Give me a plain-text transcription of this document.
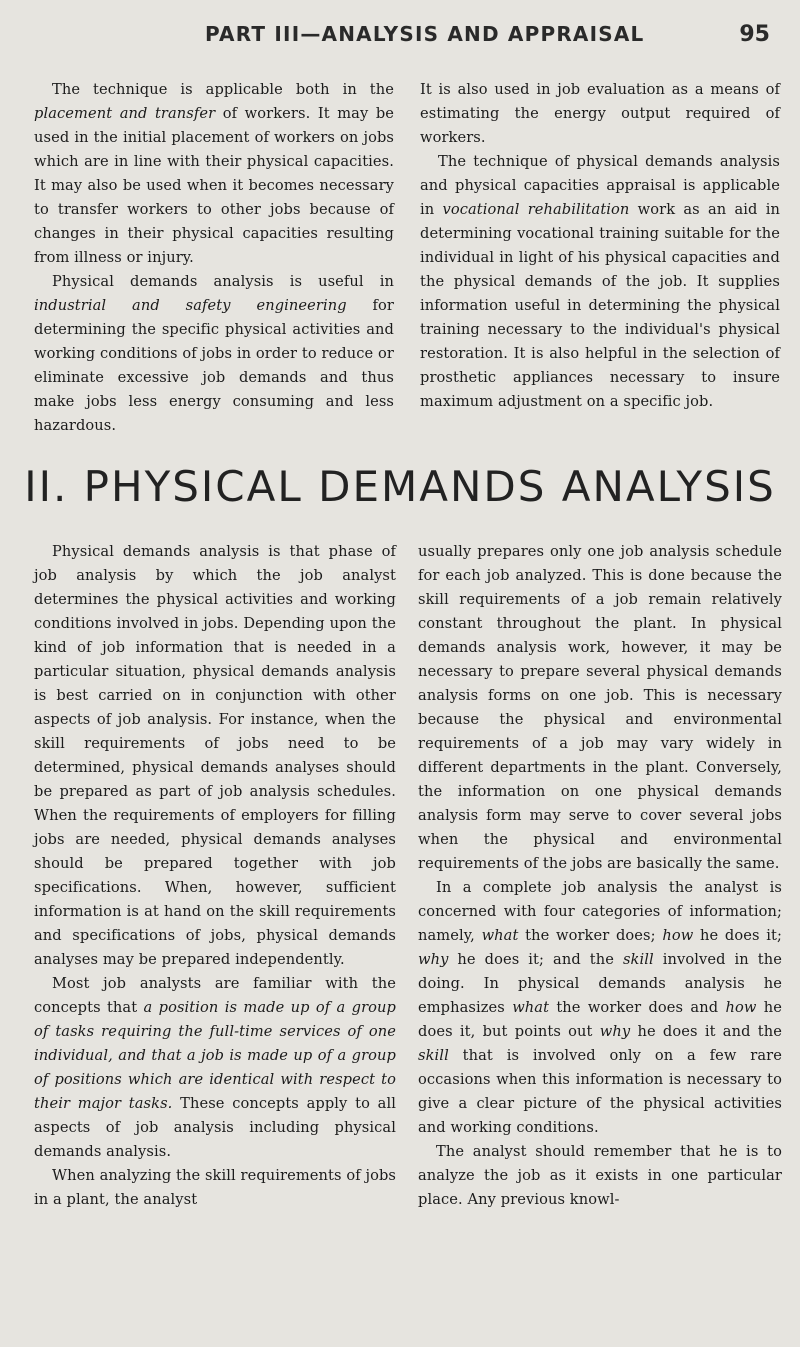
PART III—ANALYSIS AND APPRAISAL	95

The technique is applicable both in the placement and transfer of workers. It may be used in the initial placement of workers on jobs which are in line with their physical capacities. It may also be used when it becomes necessary to transfer workers to other jobs because of changes in their physical capacities resulting from illness or injury.

Physical demands analysis is useful in industrial and safety engineering for determining the specific physical activities and working conditions of jobs in order to reduce or eliminate excessive job demands and thus make jobs less energy consuming and less hazardous.

It is also used in job evaluation as a means of estimating the energy output required of workers.

The technique of physical demands analysis and physical capacities appraisal is applicable in vocational rehabilitation work as an aid in determining vocational training suitable for the individual in light of his physical capacities and the physical demands of the job. It supplies information useful in determining the physical training necessary to the individual's physical restoration. It is also helpful in the selection of prosthetic appliances necessary to insure maximum adjustment on a specific job.

II. PHYSICAL DEMANDS ANALYSIS

Physical demands analysis is that phase of job analysis by which the job analyst determines the physical activities and working conditions involved in jobs. Depending upon the kind of job information that is needed in a particular situation, physical demands analysis is best carried on in conjunction with other aspects of job analysis. For instance, when the skill requirements of jobs need to be determined, physical demands analyses should be prepared as part of job analysis schedules. When the requirements of employers for filling jobs are needed, physical demands analyses should be prepared together with job specifications. When, however, sufficient information is at hand on the skill requirements and specifications of jobs, physical demands analyses may be prepared independently.

Most job analysts are familiar with the concepts that a position is made up of a group of tasks requiring the full-time services of one individual, and that a job is made up of a group of positions which are identical with respect to their major tasks. These concepts apply to all aspects of job analysis including physical demands analysis.

When analyzing the skill requirements of jobs in a plant, the analyst

usually prepares only one job analysis schedule for each job analyzed. This is done because the skill requirements of a job remain relatively constant throughout the plant. In physical demands analysis work, however, it may be necessary to prepare several physical demands analysis forms on one job. This is necessary because the physical and environmental requirements of a job may vary widely in different departments in the plant. Conversely, the information on one physical demands analysis form may serve to cover several jobs when the physical and environmental requirements of the jobs are basically the same.

In a complete job analysis the analyst is concerned with four categories of information; namely, what the worker does; how he does it; why he does it; and the skill involved in the doing. In physical demands analysis he emphasizes what the worker does and how he does it, but points out why he does it and the skill that is involved only on a few rare occasions when this information is necessary to give a clear picture of the physical activities and working conditions.

The analyst should remember that he is to analyze the job as it exists in one particular place. Any previous knowl-
